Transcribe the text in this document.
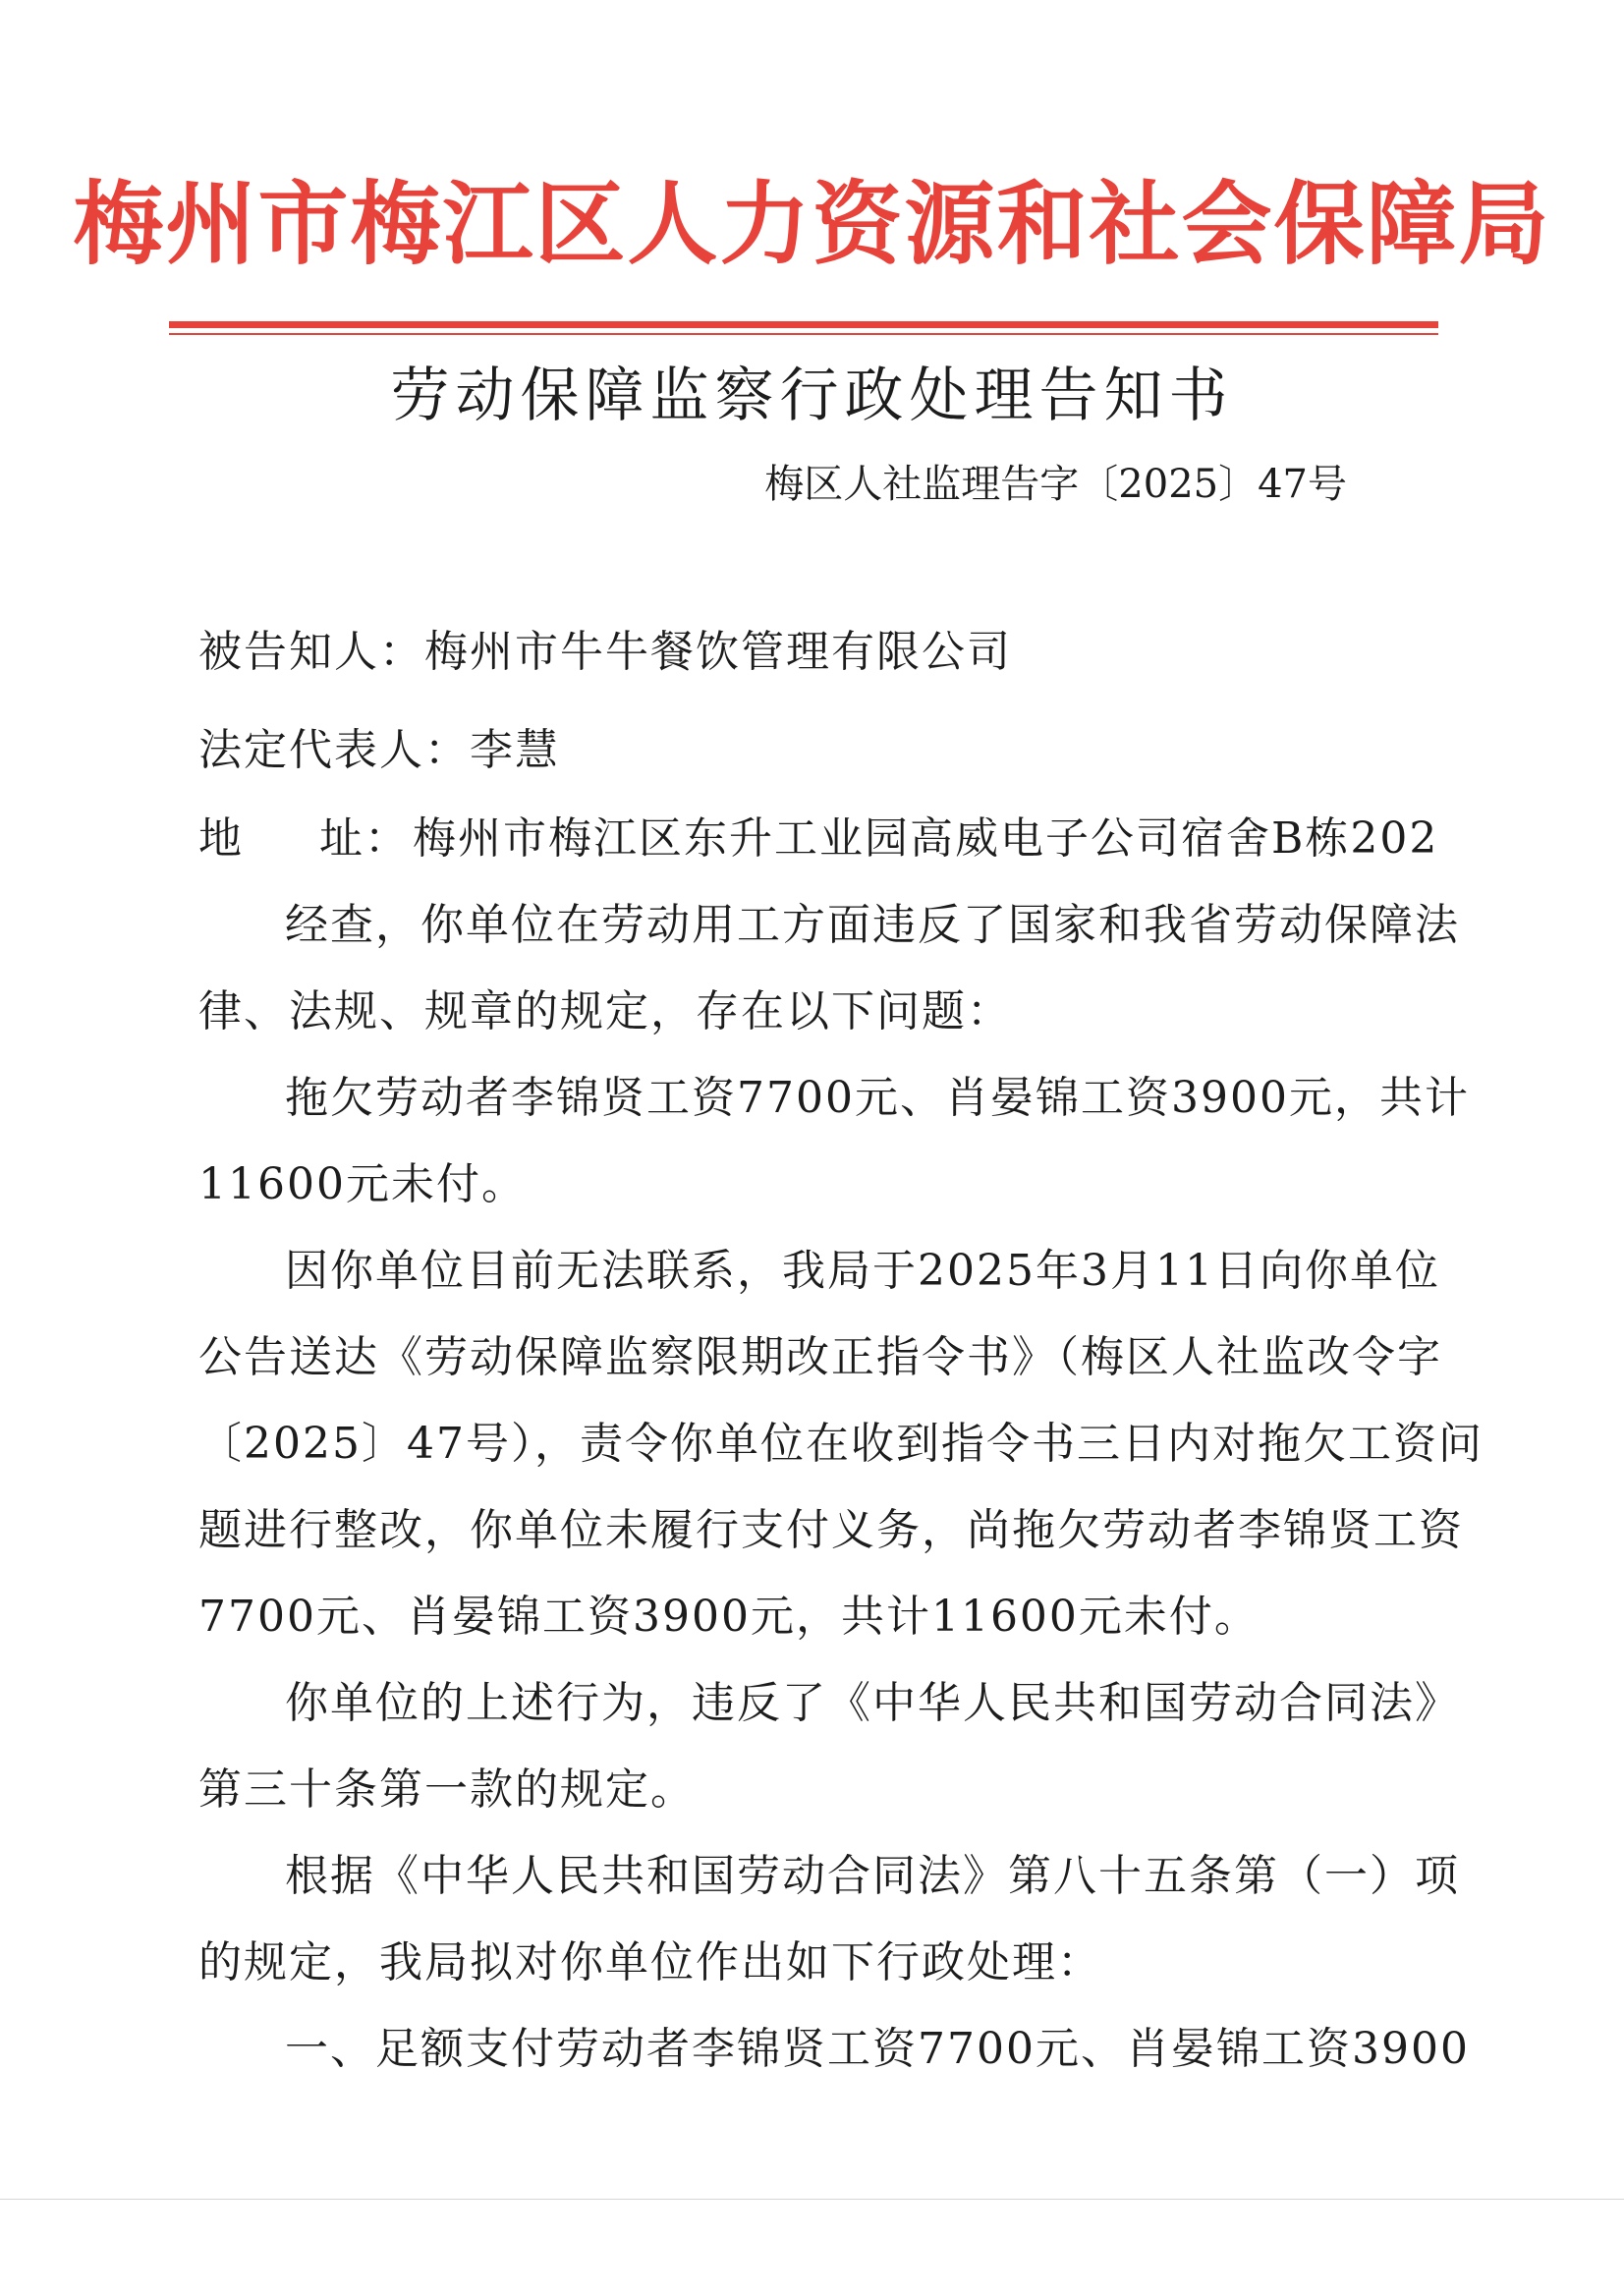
梅州市梅江区人力资源和社会保障局
劳动保障监察行政处理告知书
梅区人社监理告字〔2025〕47号
被告知人：梅州市牛牛餐饮管理有限公司
法定代表人：李慧
地 址： 梅州市梅江区东升工业园高威电子公司宿舍B栋202
经查，你单位在劳动用工方面违反了国家和我省劳动保障法
律、法规、规章的规定，存在以下问题：
拖欠劳动者李锦贤工资7700元、肖晏锦工资3900元，共计
11600元未付。
因你单位目前无法联系，我局于2025年3月11日向你单位
公告送达《劳动保障监察限期改正指令书》（梅区人社监改令字
〔2025〕47号），责令你单位在收到指令书三日内对拖欠工资问
题进行整改，你单位未履行支付义务，尚拖欠劳动者李锦贤工资
7700元、肖晏锦工资3900元，共计11600元未付。
你单位的上述行为，违反了《中华人民共和国劳动合同法》
第三十条第一款的规定。
根据《中华人民共和国劳动合同法》第八十五条第（一）项
的规定，我局拟对你单位作出如下行政处理：
一、足额支付劳动者李锦贤工资7700元、肖晏锦工资3900
